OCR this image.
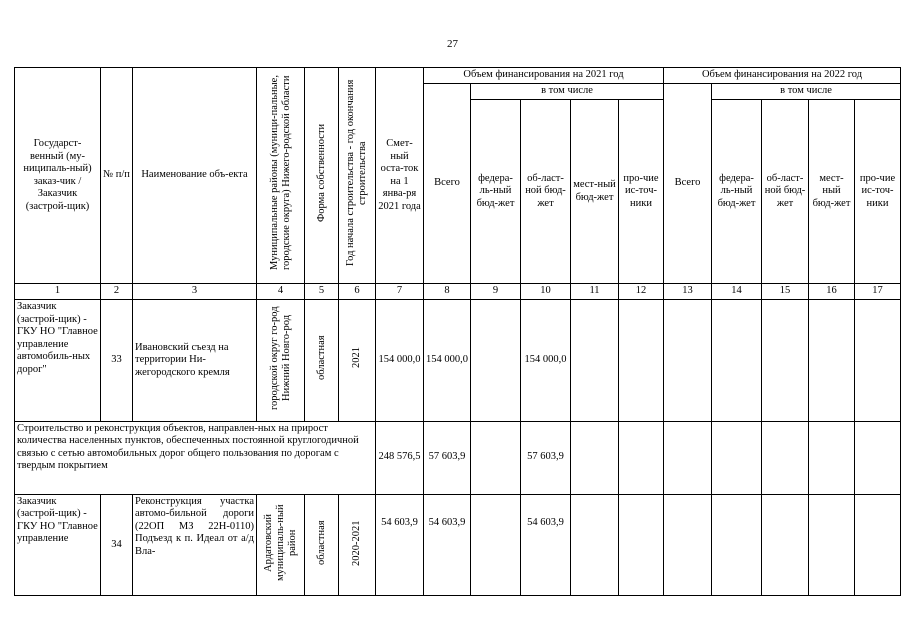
27
Государст-венный (му-ниципаль-ный) заказ-чик / Заказчик (застрой-щик)	№ п/п	Наименование объ-екта	Муниципальные районы (муници-пальные, городские округа) Нижего-родской области	Форма собственности	Год начала строительства - год окончания строительства	Смет-ный оста-ток на 1 янва-ря 2021 года	Объем финансирования на 2021 год					Объем финансирования на 2022 год				
							Всего	в том числе				Всего	в том числе			
								федера-ль-ный бюд-жет	об-ласт-ной бюд-жет	мест-ный бюд-жет	про-чие ис-точ-ники		федера-ль-ный бюд-жет	об-ласт-ной бюд-жет	мест-ный бюд-жет	про-чие ис-точ-ники
1	2	3	4	5	6	7	8	9	10	11	12	13	14	15	16	17
Заказчик (застрой-щик) - ГКУ НО "Главное управление автомобиль-ных дорог"	33	Ивановский съезд на территории Ни-жегородского кремля	городской округ го-род Нижний Новго-род	областная	2021	154 000,0	154 000,0		154 000,0							
Строительство и реконструкция объектов, направлен-ных на прирост количества населенных пунктов, обеспеченных постоянной круглогодичной связью с сетью автомобильных дорог общего пользования по дорогам с твердым покрытием						248 576,5	57 603,9		57 603,9							
Заказчик (застрой-щик) - ГКУ НО "Главное управление	34	Реконструкция участка автомо-бильной дороги (22ОП МЗ 22Н-0110) Подъезд к п. Идеал от а/д Вла-	Ардатовский муниципаль-ный район	областная	2020-2021	54 603,9	54 603,9		54 603,9							
